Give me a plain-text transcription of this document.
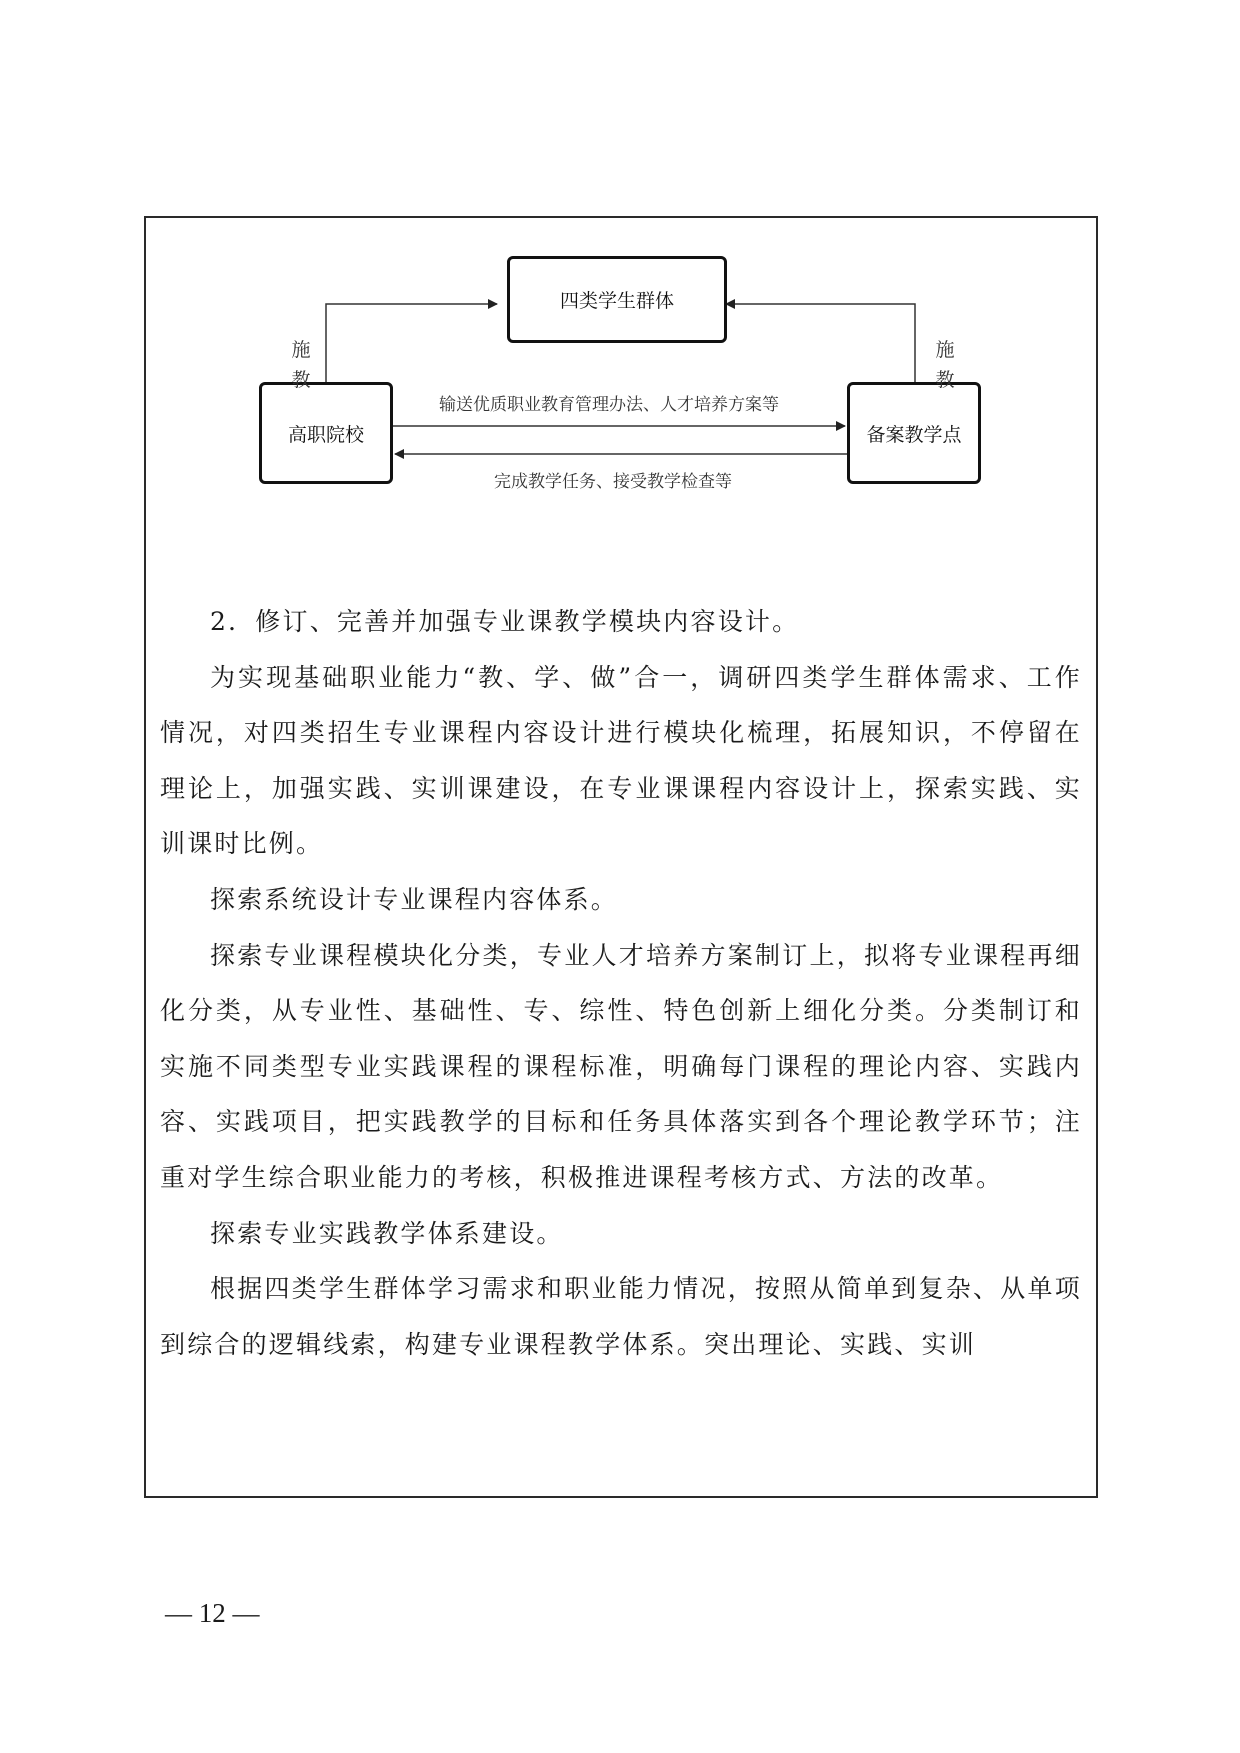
四类学生群体
高职院校	备案教学点
施
教
施
教
输送优质职业教育管理办法、人才培养方案等
完成教学任务、接受教学检查等

2．修订、完善并加强专业课教学模块内容设计。

为实现基础职业能力“教、学、做”合一，调研四类学生群体需求、工作情况，对四类招生专业课程内容设计进行模块化梳理，拓展知识，不停留在理论上，加强实践、实训课建设，在专业课课程内容设计上，探索实践、实训课时比例。

探索系统设计专业课程内容体系。

探索专业课程模块化分类，专业人才培养方案制订上，拟将专业课程再细化分类，从专业性、基础性、专、综性、特色创新上细化分类。分类制订和实施不同类型专业实践课程的课程标准，明确每门课程的理论内容、实践内容、实践项目，把实践教学的目标和任务具体落实到各个理论教学环节；注重对学生综合职业能力的考核，积极推进课程考核方式、方法的改革。

探索专业实践教学体系建设。

根据四类学生群体学习需求和职业能力情况，按照从简单到复杂、从单项到综合的逻辑线索，构建专业课程教学体系。突出理论、实践、实训

— 12 —
